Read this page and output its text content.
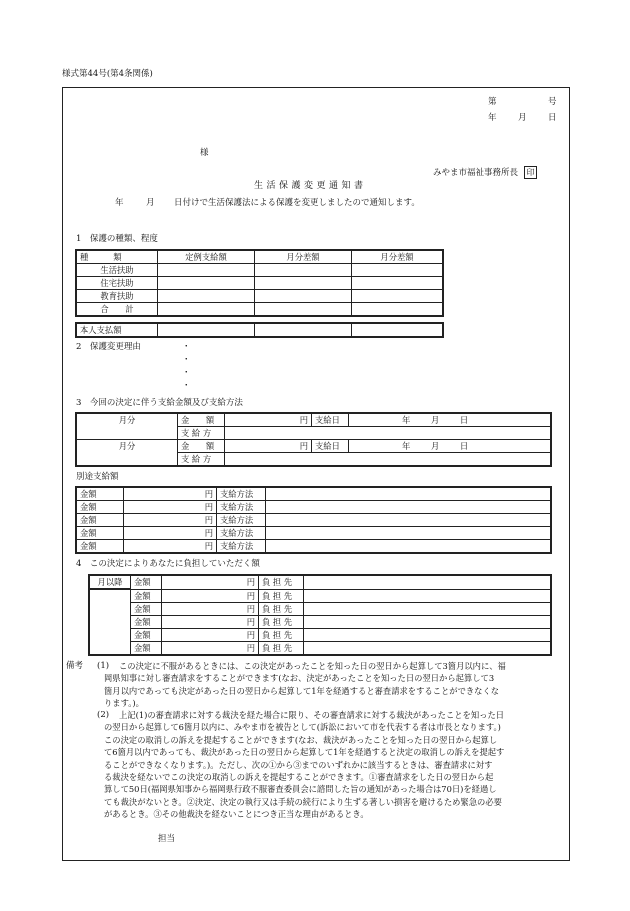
様式第44号(第4条関係)
第	号
年	月	日
様
みやま市福祉事務所長 印
生活保護変更通知書
年	月 日付けで生活保護法による保護を変更しましたので通知します。
1　保護の種類、程度
種　　　類	定例支給額	月分差額	月分差額
生活扶助			
住宅扶助			
教育扶助			
合　　計			
本人支払額			
2　保護変更理由	・
・
・
・
3　今回の決定に伴う支給金額及び支給方法
月分	金　　額	円	支給日	年 月 日
	支 給 方			
月分	金　　額	円	支給日	年 月 日
	支 給 方			
別途支給額
金額	円	支給方法	
金額	円	支給方法	
金額	円	支給方法	
金額	円	支給方法	
金額	円	支給方法	
4　この決定によりあなたに負担していただく額
月以降	金額	円	負 担 先	
	金額	円	負 担 先	
	金額	円	負 担 先	
	金額	円	負 担 先	
	金額	円	負 担 先	
	金額	円	負 担 先	
備考 (1)	この決定に不服があるときには、この決定があったことを知った日の翌日から起算して3箇月以内に、福
岡県知事に対し審査請求をすることができます(なお、決定があったことを知った日の翌日から起算して3
箇月以内であっても決定があった日の翌日から起算して1年を経過すると審査請求をすることができなくな
ります。)。
(2)	上記(1)の審査請求に対する裁決を経た場合に限り、その審査請求に対する裁決があったことを知った日
の翌日から起算して6箇月以内に、みやま市を被告として(訴訟において市を代表する者は市長となります。)
この決定の取消しの訴えを提起することができます(なお、裁決があったことを知った日の翌日から起算し
て6箇月以内であっても、裁決があった日の翌日から起算して1年を経過すると決定の取消しの訴えを提起す
ることができなくなります。)。ただし、次の①から③までのいずれかに該当するときは、審査請求に対す
る裁決を経ないでこの決定の取消しの訴えを提起することができます。①審査請求をした日の翌日から起
算して50日(福岡県知事から福岡県行政不服審査委員会に諮問した旨の通知があった場合は70日)を経過し
ても裁決がないとき。②決定、決定の執行又は手続の続行により生ずる著しい損害を避けるため緊急の必要
があるとき。③その他裁決を経ないことにつき正当な理由があるとき。
担当
